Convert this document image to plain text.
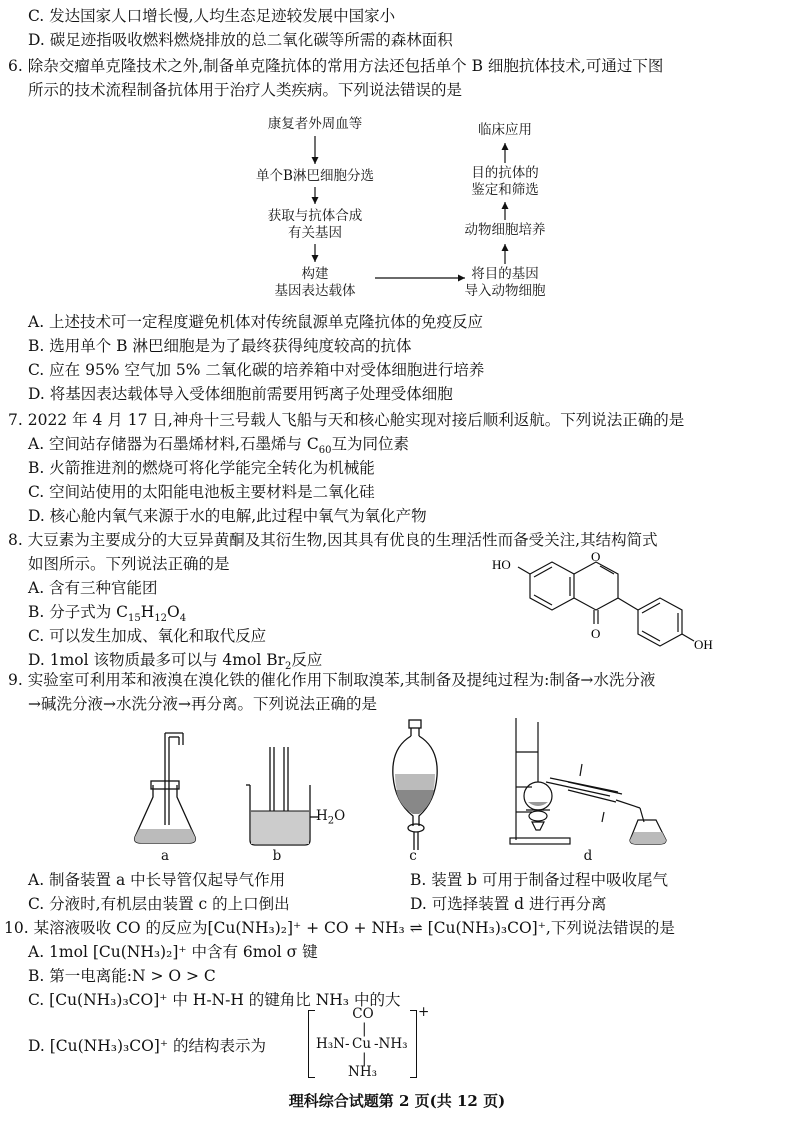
C. 发达国家人口增长慢,人均生态足迹较发展中国家小
D. 碳足迹指吸收燃料燃烧排放的总二氧化碳等所需的森林面积
6. 除杂交瘤单克隆技术之外,制备单克隆抗体的常用方法还包括单个 B 细胞抗体技术,可通过下图
所示的技术流程制备抗体用于治疗人类疾病。下列说法错误的是
康复者外周血等
单个B淋巴细胞分选
获取与抗体合成
有关基因
构建
基因表达载体
临床应用
目的抗体的
鉴定和筛选
动物细胞培养
将目的基因
导入动物细胞
A. 上述技术可一定程度避免机体对传统鼠源单克隆抗体的免疫反应
B. 选用单个 B 淋巴细胞是为了最终获得纯度较高的抗体
C. 应在 95% 空气加 5% 二氧化碳的培养箱中对受体细胞进行培养
D. 将基因表达载体导入受体细胞前需要用钙离子处理受体细胞
7. 2022 年 4 月 17 日,神舟十三号载人飞船与天和核心舱实现对接后顺利返航。下列说法正确的是
A. 空间站存储器为石墨烯材料,石墨烯与 $C_{60}$互为同位素
B. 火箭推进剂的燃烧可将化学能完全转化为机械能
C. 空间站使用的太阳能电池板主要材料是二氧化硅
D. 核心舱内氧气来源于水的电解,此过程中氧气为氧化产物
8. 大豆素为主要成分的大豆异黄酮及其衍生物,因其具有优良的生理活性而备受关注,其结构简式
如图所示。下列说法正确的是
A. 含有三种官能团
B. 分子式为 $C_{15}H_{12}O_4$
C. 可以发生加成、氧化和取代反应
D. 1mol 该物质最多可以与 4mol $Br_2$反应
HO
OH
O
O
9. 实验室可利用苯和液溴在溴化铁的催化作用下制取溴苯,其制备及提纯过程为:制备→水洗分液
→碱洗分液→水洗分液→再分离。下列说法正确的是
a
$H_2O$
b	c	d
A. 制备装置 a 中长导管仅起导气作用	B. 装置 b 可用于制备过程中吸收尾气
C. 分液时,有机层由装置 c 的上口倒出	D. 可选择装置 d 进行再分离
10. 某溶液吸收 CO 的反应为[Cu(NH₃)₂]⁺ + CO + NH₃ ⇌ [Cu(NH₃)₃CO]⁺,下列说法错误的是
A. 1mol [Cu(NH₃)₂]⁺ 中含有 6mol σ 键
B. 第一电离能:N > O > C
C. [Cu(NH₃)₃CO]⁺ 中 H-N-H 的键角比 NH₃ 中的大
D. [Cu(NH₃)₃CO]⁺ 的结构表示为
+
CO
|
H₃N- Cu -NH₃
|
NH₃
理科综合试题第 2 页(共 12 页)
